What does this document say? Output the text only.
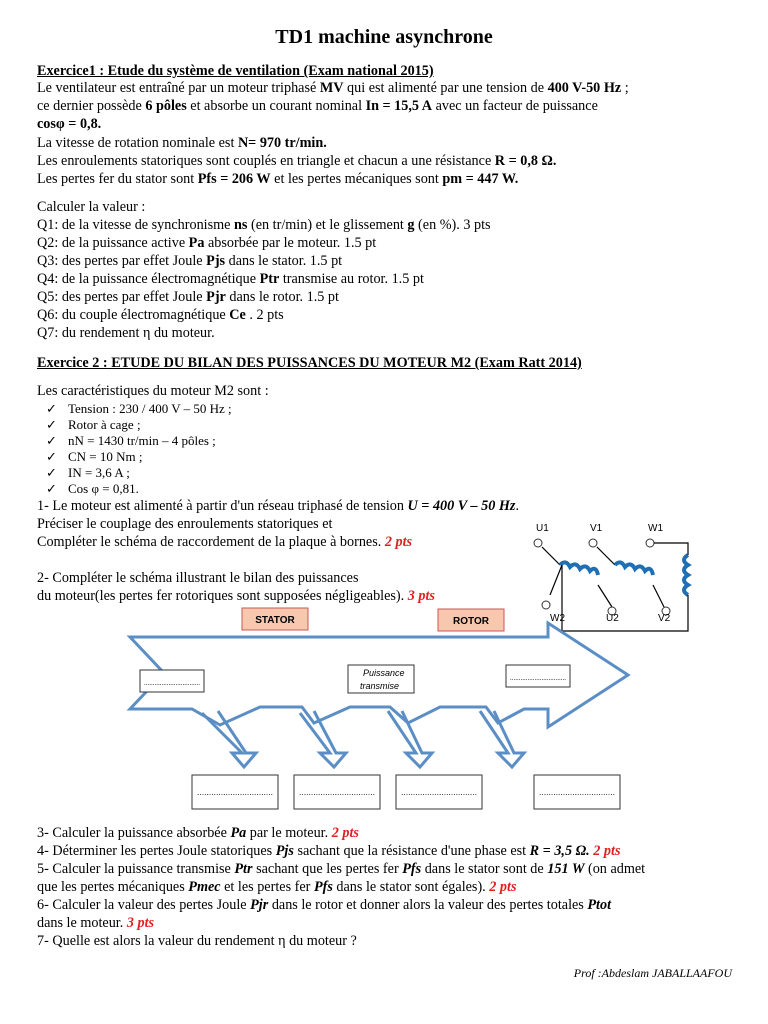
TD1 machine asynchrone
Exercice1 : Etude du système de ventilation (Exam national 2015)
Le ventilateur est entraîné par un moteur triphasé MV qui est alimenté par une tension de 400 V-50 Hz ;
ce dernier possède 6 pôles et absorbe un courant nominal In = 15,5 A avec un facteur de puissance
cosφ = 0,8.
La vitesse de rotation nominale est N= 970 tr/min.
Les enroulements statoriques sont couplés en triangle et chacun a une résistance R = 0,8 Ω.
Les pertes fer du stator sont Pfs = 206 W et les pertes mécaniques sont pm = 447 W.
Calculer la valeur :
Q1: de la vitesse de synchronisme ns (en tr/min) et le glissement g (en %). 3 pts
Q2: de la puissance active Pa absorbée par le moteur. 1.5 pt
Q3: des pertes par effet Joule Pjs dans le stator. 1.5 pt
Q4: de la puissance électromagnétique Ptr transmise au rotor. 1.5 pt
Q5: des pertes par effet Joule Pjr dans le rotor. 1.5 pt
Q6: du couple électromagnétique Ce . 2 pts
Q7: du rendement η du moteur.
Exercice 2 : ETUDE DU BILAN DES PUISSANCES DU MOTEUR M2 (Exam Ratt 2014)
Les caractéristiques du moteur M2 sont :
✓ Tension : 230 / 400 V – 50 Hz ;
✓ Rotor à cage ;
✓ nN = 1430 tr/min – 4 pôles ;
✓ CN = 10 Nm ;
✓ IN = 3,6 A ;
✓ Cos φ = 0,81.
1- Le moteur est alimenté à partir d'un réseau triphasé de tension U = 400 V – 50 Hz.
Préciser le couplage des enroulements statoriques et
Compléter le schéma de raccordement de la plaque à bornes. 2 pts
2- Compléter le schéma illustrant le bilan des puissances
du moteur(les pertes fer rotoriques sont supposées négligeables). 3 pts
U1	V1	W1
W2	U2	V2
STATOR	ROTOR
................................
Puissance
transmise
................................
................................	................................	................................	................................
3- Calculer la puissance absorbée Pa par le moteur. 2 pts
4- Déterminer les pertes Joule statoriques Pjs sachant que la résistance d'une phase est R = 3,5 Ω. 2 pts
5- Calculer la puissance transmise Ptr sachant que les pertes fer Pfs dans le stator sont de 151 W (on admet
que les pertes mécaniques Pmec et les pertes fer Pfs dans le stator sont égales). 2 pts
6- Calculer la valeur des pertes Joule Pjr dans le rotor et donner alors la valeur des pertes totales Ptot
dans le moteur. 3 pts
7- Quelle est alors la valeur du rendement η du moteur ?
Prof :Abdeslam JABALLAAFOU
